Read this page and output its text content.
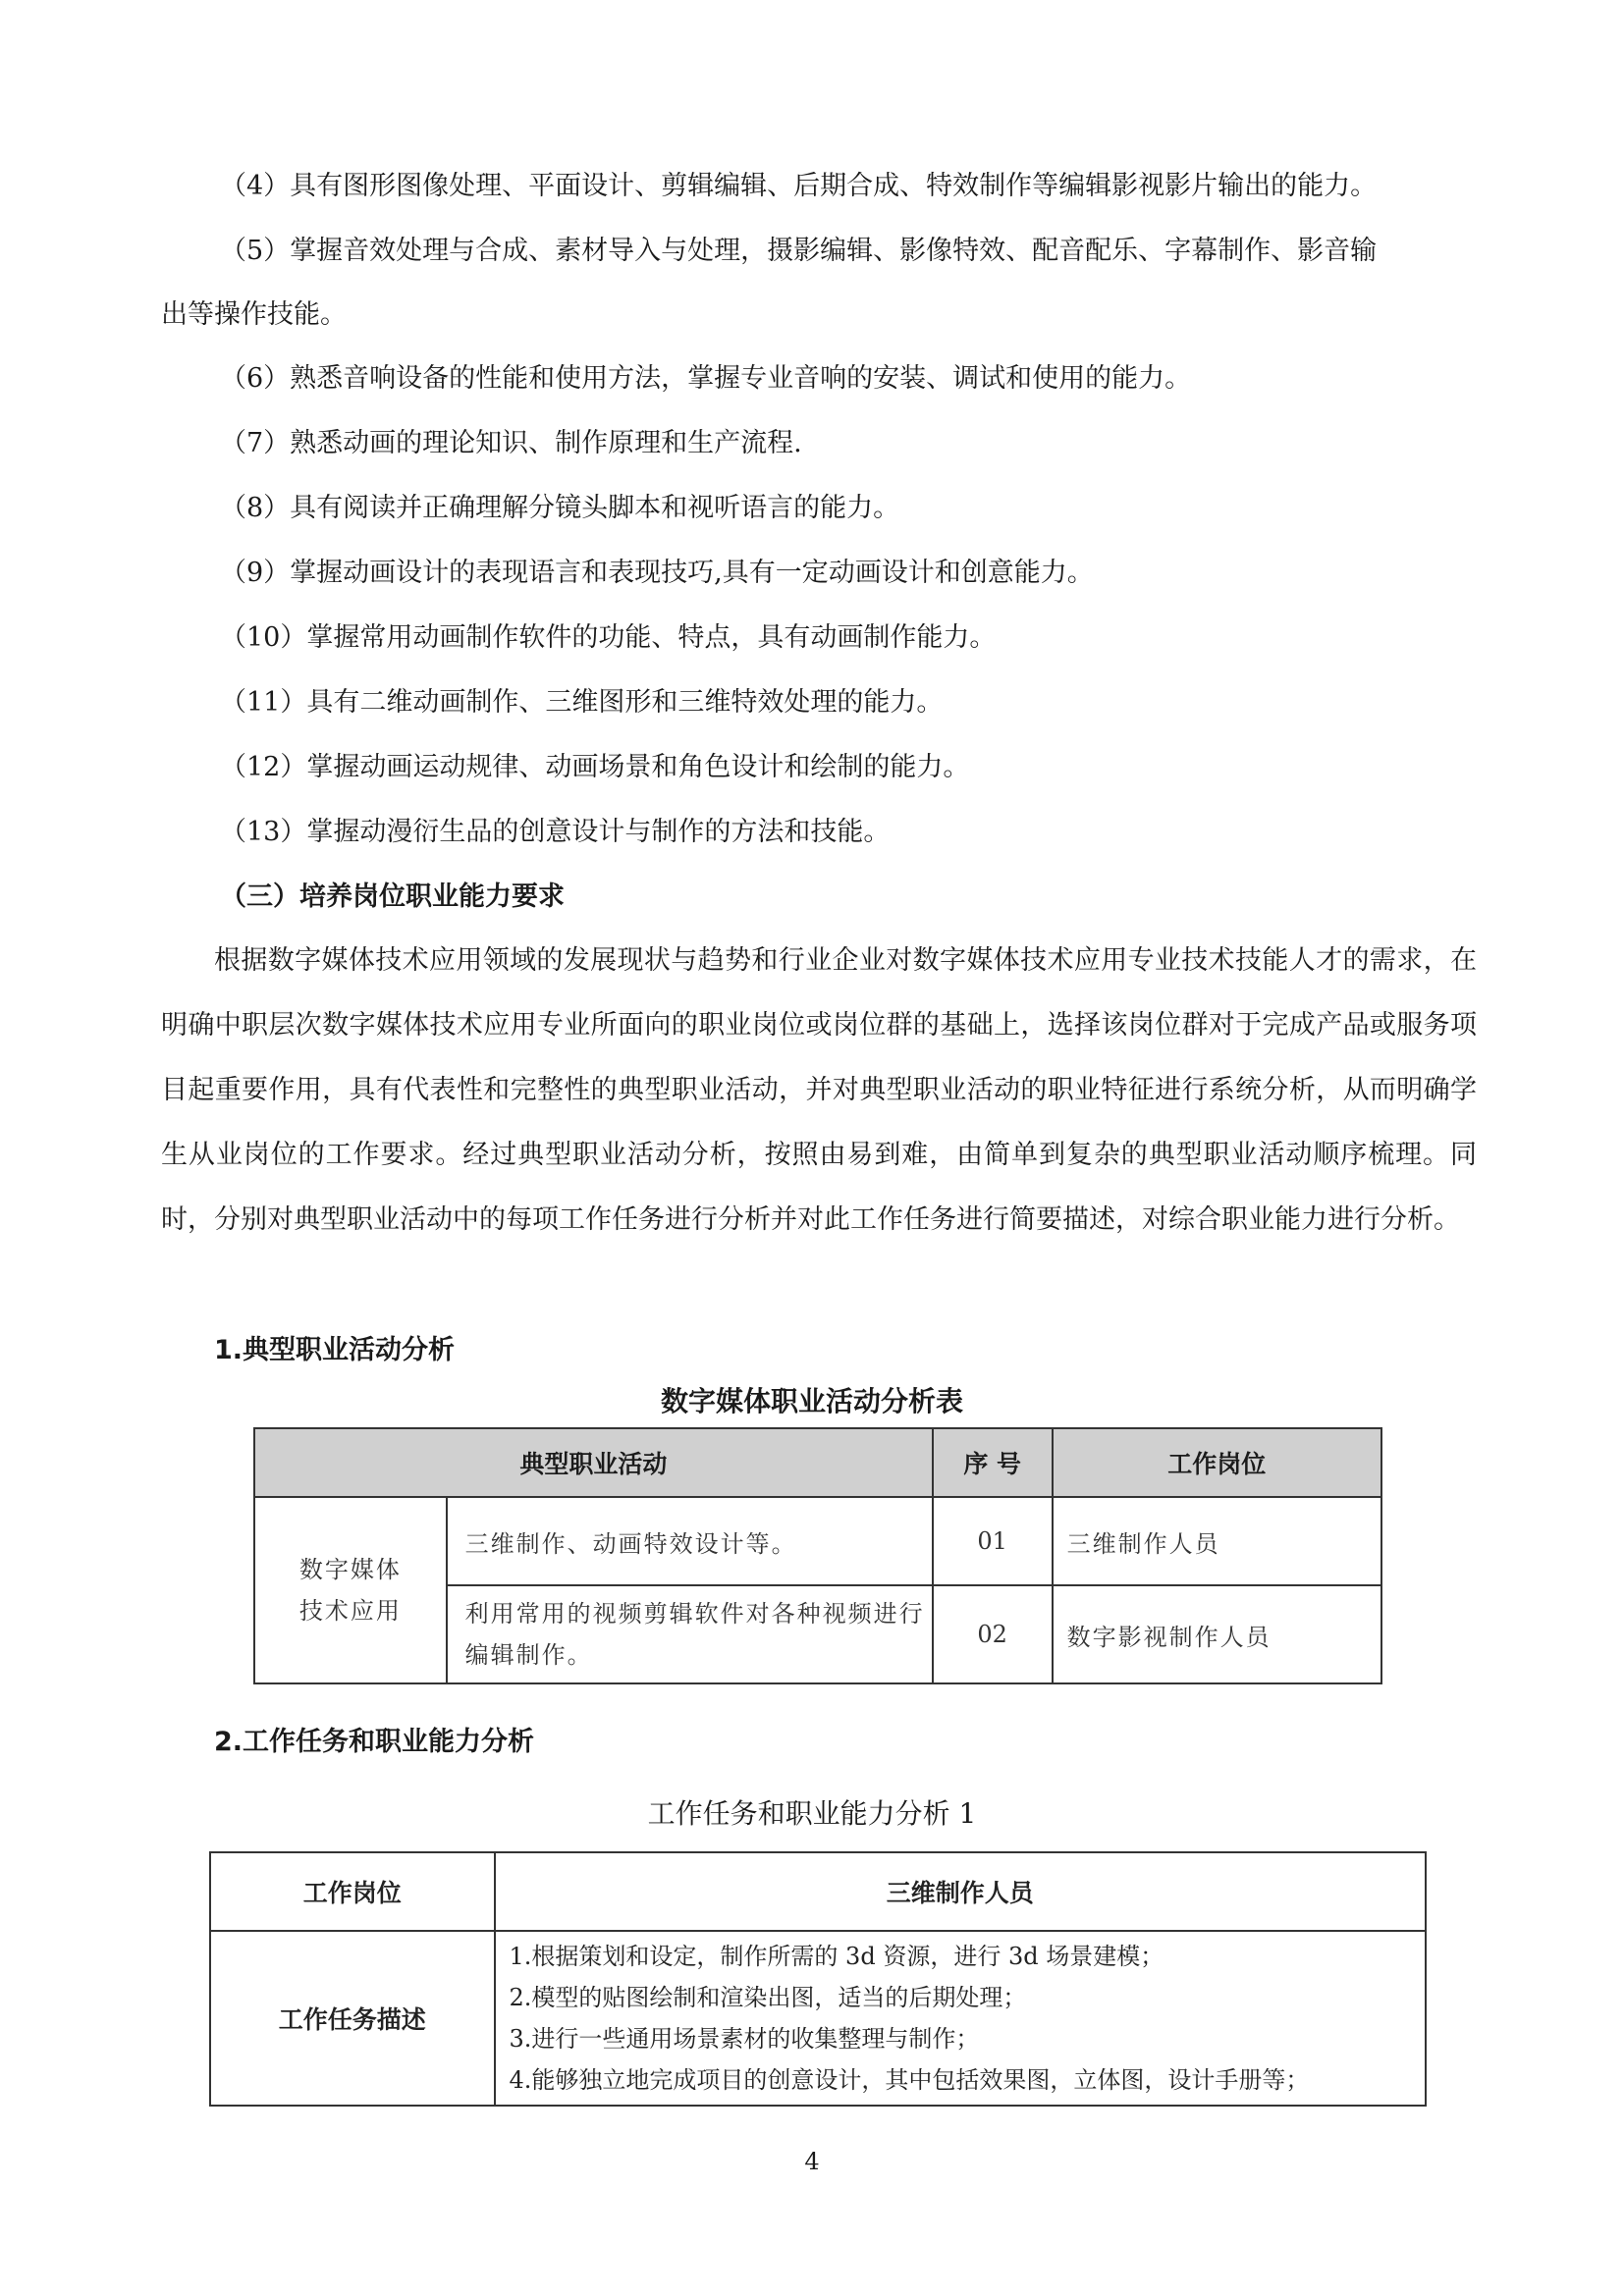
（4）具有图形图像处理、平面设计、剪辑编辑、后期合成、特效制作等编辑影视影片输出的能力。
（5）掌握音效处理与合成、素材导入与处理，摄影编辑、影像特效、配音配乐、字幕制作、影音输
出等操作技能。
（6）熟悉音响设备的性能和使用方法，掌握专业音响的安装、调试和使用的能力。
（7）熟悉动画的理论知识、制作原理和生产流程.
（8）具有阅读并正确理解分镜头脚本和视听语言的能力。
（9）掌握动画设计的表现语言和表现技巧,具有一定动画设计和创意能力。
（10）掌握常用动画制作软件的功能、特点，具有动画制作能力。
（11）具有二维动画制作、三维图形和三维特效处理的能力。
（12）掌握动画运动规律、动画场景和角色设计和绘制的能力。
（13）掌握动漫衍生品的创意设计与制作的方法和技能。
（三）培养岗位职业能力要求
根据数字媒体技术应用领域的发展现状与趋势和行业企业对数字媒体技术应用专业技术技能人才的需求，在明确中职层次数字媒体技术应用专业所面向的职业岗位或岗位群的基础上，选择该岗位群对于完成产品或服务项目起重要作用，具有代表性和完整性的典型职业活动，并对典型职业活动的职业特征进行系统分析，从而明确学生从业岗位的工作要求。经过典型职业活动分析，按照由易到难，由简单到复杂的典型职业活动顺序梳理。同时，分别对典型职业活动中的每项工作任务进行分析并对此工作任务进行简要描述，对综合职业能力进行分析。
1.典型职业活动分析
数字媒体职业活动分析表
典型职业活动		序 号	工作岗位

数字媒体
技术应用	三维制作、动画特效设计等。	01	三维制作人员

	利用常用的视频剪辑软件对各种视频进行
编辑制作。	02	数字影视制作人员
2.工作任务和职业能力分析
工作任务和职业能力分析 1
工作岗位	三维制作人员
工作任务描述	1.根据策划和设定，制作所需的 3d 资源，进行 3d 场景建模；
2.模型的贴图绘制和渲染出图，适当的后期处理；
3.进行一些通用场景素材的收集整理与制作；
4.能够独立地完成项目的创意设计，其中包括效果图，立体图，设计手册等；
4
